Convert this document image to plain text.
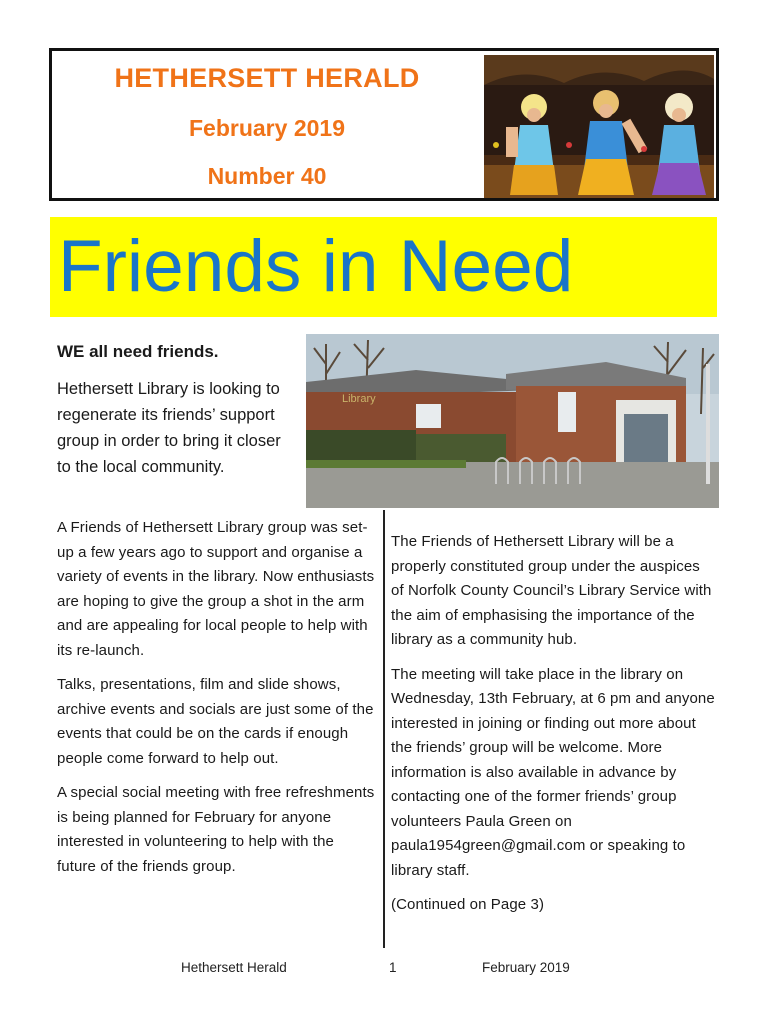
HETHERSETT HERALD
February 2019
Number 40
Friends in Need
Library
WE all need friends.
Hethersett Library is looking to regenerate its friends’ support group in order to bring it closer to the local community.

A Friends of Hethersett Library group was set-up a few years ago to support and organise a variety of events in the library. Now enthusiasts are hoping to give the group a shot in the arm and are appealing for local people to help with its re-launch.

Talks, presentations, film and slide shows, archive events and socials are just some of the events that could be on the cards if enough people come forward to help out.

A special social meeting with free refreshments is being planned for February for anyone interested in volunteering to help with the future of the friends group.

The Friends of Hethersett Library will be a properly constituted group under the auspices of Norfolk County Council’s Library Service with the aim of emphasising the importance of the library as a community hub.

The meeting will take place in the library on Wednesday, 13th February, at 6 pm and anyone interested in joining or finding out more about the friends’ group will be welcome. More information is also available in advance by contacting one of the former friends’ group volunteers Paula Green on paula1954green@gmail.com or speaking to library staff.

(Continued on Page 3)

Hethersett Herald	1	February 2019
